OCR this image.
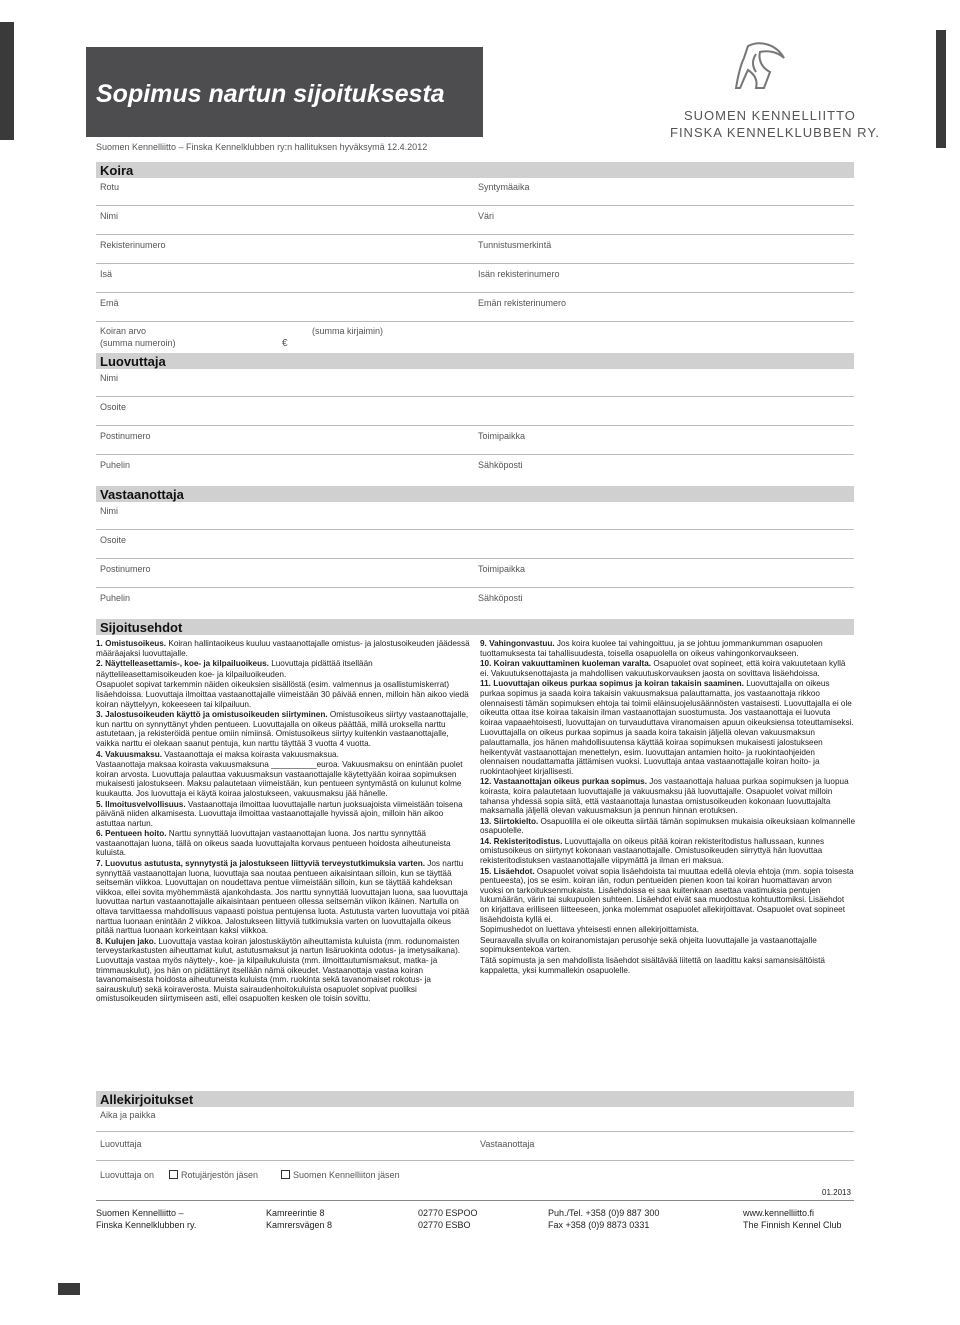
Sopimus nartun sijoituksesta
Suomen Kennelliitto – Finska Kennelklubben ry:n hallituksen hyväksymä 12.4.2012
SUOMEN KENNELLIITTO
FINSKA KENNELKLUBBEN RY.
Koira
Rotu	Syntymäaika
Nimi	Väri
Rekisterinumero	Tunnistusmerkintä
Isä	Isän rekisterinumero
Emä	Emän rekisterinumero
Koiran arvo	(summa kirjaimin)
(summa numeroin)	€
Luovuttaja
Nimi
Osoite
Postinumero	Toimipaikka
Puhelin	Sähköposti
Vastaanottaja
Nimi
Osoite
Postinumero	Toimipaikka
Puhelin	Sähköposti
Sijoitusehdot

1. Omistusoikeus. Koiran hallintaoikeus kuuluu vastaanottajalle omistus- ja jalostusoikeuden jäädessä määräajaksi luovuttajalle.

2. Näyttelleasettamis-, koe- ja kilpailuoikeus. Luovuttaja pidättää itsellään

näyttelileasettamisoikeuden koe- ja kilpailuoikeuden.

Osapuolet sopivat tarkemmin näiden oikeuksien sisällöstä (esim. valmennus ja osallistumiskerrat) lisäehdoissa. Luovuttaja ilmoittaa vastaanottajalle viimeistään 30 päivää ennen, milloin hän aikoo viedä koiran näyttelyyn, kokeeseen tai kilpailuun.

3. Jalostusoikeuden käyttö ja omistusoikeuden siirtyminen. Omistusoikeus siirtyy vastaanottajalle, kun narttu on synnyttänyt yhden pentueen. Luovuttajalla on oikeus päättää, millä uroksella narttu astutetaan, ja rekisteröidä pentue omiin nimiinsä. Omistusoikeus siirtyy kuitenkin vastaanottajalle, vaikka narttu ei olekaan saanut pentuja, kun narttu täyttää 3 vuotta 4 vuotta.

4. Vakuusmaksu. Vastaanottaja ei maksa koirasta vakuusmaksua.

Vastaanottaja maksaa koirasta vakuusmaksuna __________euroa. Vakuusmaksu on enintään puolet koiran arvosta. Luovuttaja palauttaa vakuusmaksun vastaanottajalle käytettyään koiraa sopimuksen mukaisesti jalostukseen. Maksu palautetaan viimeistään, kun pentueen syntymästä on kulunut kolme kuukautta. Jos luovuttaja ei käytä koiraa jalostukseen, vakuusmaksu jää hänelle.

5. Ilmoitusvelvollisuus. Vastaanottaja ilmoittaa luovuttajalle nartun juoksuajoista viimeistään toisena päivänä niiden alkamisesta. Luovuttaja ilmoittaa vastaanottajalle hyvissä ajoin, milloin hän aikoo astuttaa nartun.

6. Pentueen hoito. Narttu synnyttää luovuttajan vastaanottajan luona. Jos narttu synnyttää vastaanottajan luona, tällä on oikeus saada luovuttajalta korvaus pentueen hoidosta aiheutuneista kuluista.

7. Luovutus astutusta, synnytystä ja jalostukseen liittyviä terveystutkimuksia varten. Jos narttu synnyttää vastaanottajan luona, luovuttaja saa noutaa pentueen aikaisintaan silloin, kun se täyttää seitsemän viikkoa. Luovuttajan on noudettava pentue viimeistään silloin, kun se täyttää kahdeksan viikkoa, ellei sovita myöhemmästä ajankohdasta. Jos narttu synnyttää luovuttajan luona, saa luovuttaja luovuttaa nartun vastaanottajalle aikaisintaan pentueen ollessa seitsemän viikon ikäinen. Nartulla on oltava tarvittaessa mahdollisuus vapaasti poistua pentujensa luota. Astutusta varten luovuttaja voi pitää narttua luonaan enintään 2 viikkoa. Jalostukseen liittyviä tutkimuksia varten on luovuttajalla oikeus pitää narttua luonaan korkeintaan kaksi viikkoa.

8. Kulujen jako. Luovuttaja vastaa koiran jalostuskäytön aiheuttamista kuluista (mm. rodunomaisten terveystarkastusten aiheuttamat kulut, astutusmaksut ja nartun lisäruokinta odotus- ja imetysaikana). Luovuttaja vastaa myös näyttely-, koe- ja kilpailukuluista (mm. ilmoittautumismaksut, matka- ja trimmauskulut), jos hän on pidättänyt itsellään nämä oikeudet. Vastaanottaja vastaa koiran tavanomaisesta hoidosta aiheutuneista kuluista (mm. ruokinta sekä tavanomaiset rokotus- ja sairauskulut) sekä koiraverosta. Muista sairaudenhoitokuluista osapuolet sopivat puoliksi omistusoikeuden siirtymiseen asti, ellei osapuolten kesken ole toisin sovittu.

9. Vahingonvastuu. Jos koira kuolee tai vahingoittuu, ja se johtuu jommankumman osapuolen tuottamuksesta tai tahallisuudesta, toisella osapuolella on oikeus vahingonkorvaukseen.

10. Koiran vakuuttaminen kuoleman varalta. Osapuolet ovat sopineet, että koira vakuutetaan kyllä ei. Vakuutuksenottajasta ja mahdollisen vakuutuskorvauksen jaosta on sovittava lisäehdoissa.

11. Luovuttajan oikeus purkaa sopimus ja koiran takaisin saaminen. Luovuttajalla on oikeus purkaa sopimus ja saada koira takaisin vakuusmaksua palauttamatta, jos vastaanottaja rikkoo olennaisesti tämän sopimuksen ehtoja tai toimii eläinsuojelusäännösten vastaisesti. Luovuttajalla ei ole oikeutta ottaa itse koiraa takaisin ilman vastaanottajan suostumusta. Jos vastaanottaja ei luovuta koiraa vapaaehtoisesti, luovuttajan on turvauduttava viranomaisen apuun oikeuksiensa toteuttamiseksi.

Luovuttajalla on oikeus purkaa sopimus ja saada koira takaisin jäljellä olevan vakuusmaksun palauttamalla, jos hänen mahdollisuutensa käyttää koiraa sopimuksen mukaisesti jalostukseen heikentyvät vastaanottajan menettelyn, esim. luovuttajan antamien hoito- ja ruokintaohjeiden olennaisen noudattamatta jättämisen vuoksi. Luovuttaja antaa vastaanottajalle koiran hoito- ja ruokintaohjeet kirjallisesti.

12. Vastaanottajan oikeus purkaa sopimus. Jos vastaanottaja haluaa purkaa sopimuksen ja luopua koirasta, koira palautetaan luovuttajalle ja vakuusmaksu jää luovuttajalle. Osapuolet voivat milloin tahansa yhdessä sopia siitä, että vastaanottaja lunastaa omistusoikeuden kokonaan luovuttajalta maksamalla jäljellä olevan vakuusmaksun ja pennun hinnan erotuksen.

13. Siirtokielto. Osapuolilla ei ole oikeutta siirtää tämän sopimuksen mukaisia oikeuksiaan kolmannelle osapuolelle.

14. Rekisteritodistus. Luovuttajalla on oikeus pitää koiran rekisteritodistus hallussaan, kunnes omistusoikeus on siirtynyt kokonaan vastaanottajalle. Omistusoikeuden siirryttyä hän luovuttaa rekisteritodistuksen vastaanottajalle viipymättä ja ilman eri maksua.

15. Lisäehdot. Osapuolet voivat sopia lisäehdoista tai muuttaa edellä olevia ehtoja (mm. sopia toisesta pentueesta), jos se esim. koiran iän, rodun pentueiden pienen koon tai koiran huomattavan arvon vuoksi on tarkoituksenmukaista. Lisäehdoissa ei saa kuitenkaan asettaa vaatimuksia pentujen lukumäärän, värin tai sukupuolen suhteen. Lisäehdot eivät saa muodostua kohtuuttomiksi. Lisäehdot on kirjattava erilliseen liitteeseen, jonka molemmat osapuolet allekirjoittavat. Osapuolet ovat sopineet lisäehdoista kyllä ei.

Sopimushedot on luettava yhteisesti ennen allekirjoittamista.

Seuraavalla sivulla on koiranomistajan perusohje sekä ohjeita luovuttajalle ja vastaanottajalle sopimuksentekoa varten.

Tätä sopimusta ja sen mahdollista lisäehdot sisältävää liitettä on laadittu kaksi samansisältöistä kappaletta, yksi kummallekin osapuolelle.

Allekirjoitukset
Aika ja paikka
Luovuttaja	Vastaanottaja
Luovuttaja on	Rotujärjestön jäsen	Suomen Kennelliiton jäsen
01.2013
Suomen Kennelliitto –
Finska Kennelklubben ry.
Kamreerintie 8
Kamrersvägen 8
02770 ESPOO
02770 ESBO
Puh./Tel. +358 (0)9 887 300
Fax +358 (0)9 8873 0331
www.kennelliitto.fi
The Finnish Kennel Club
